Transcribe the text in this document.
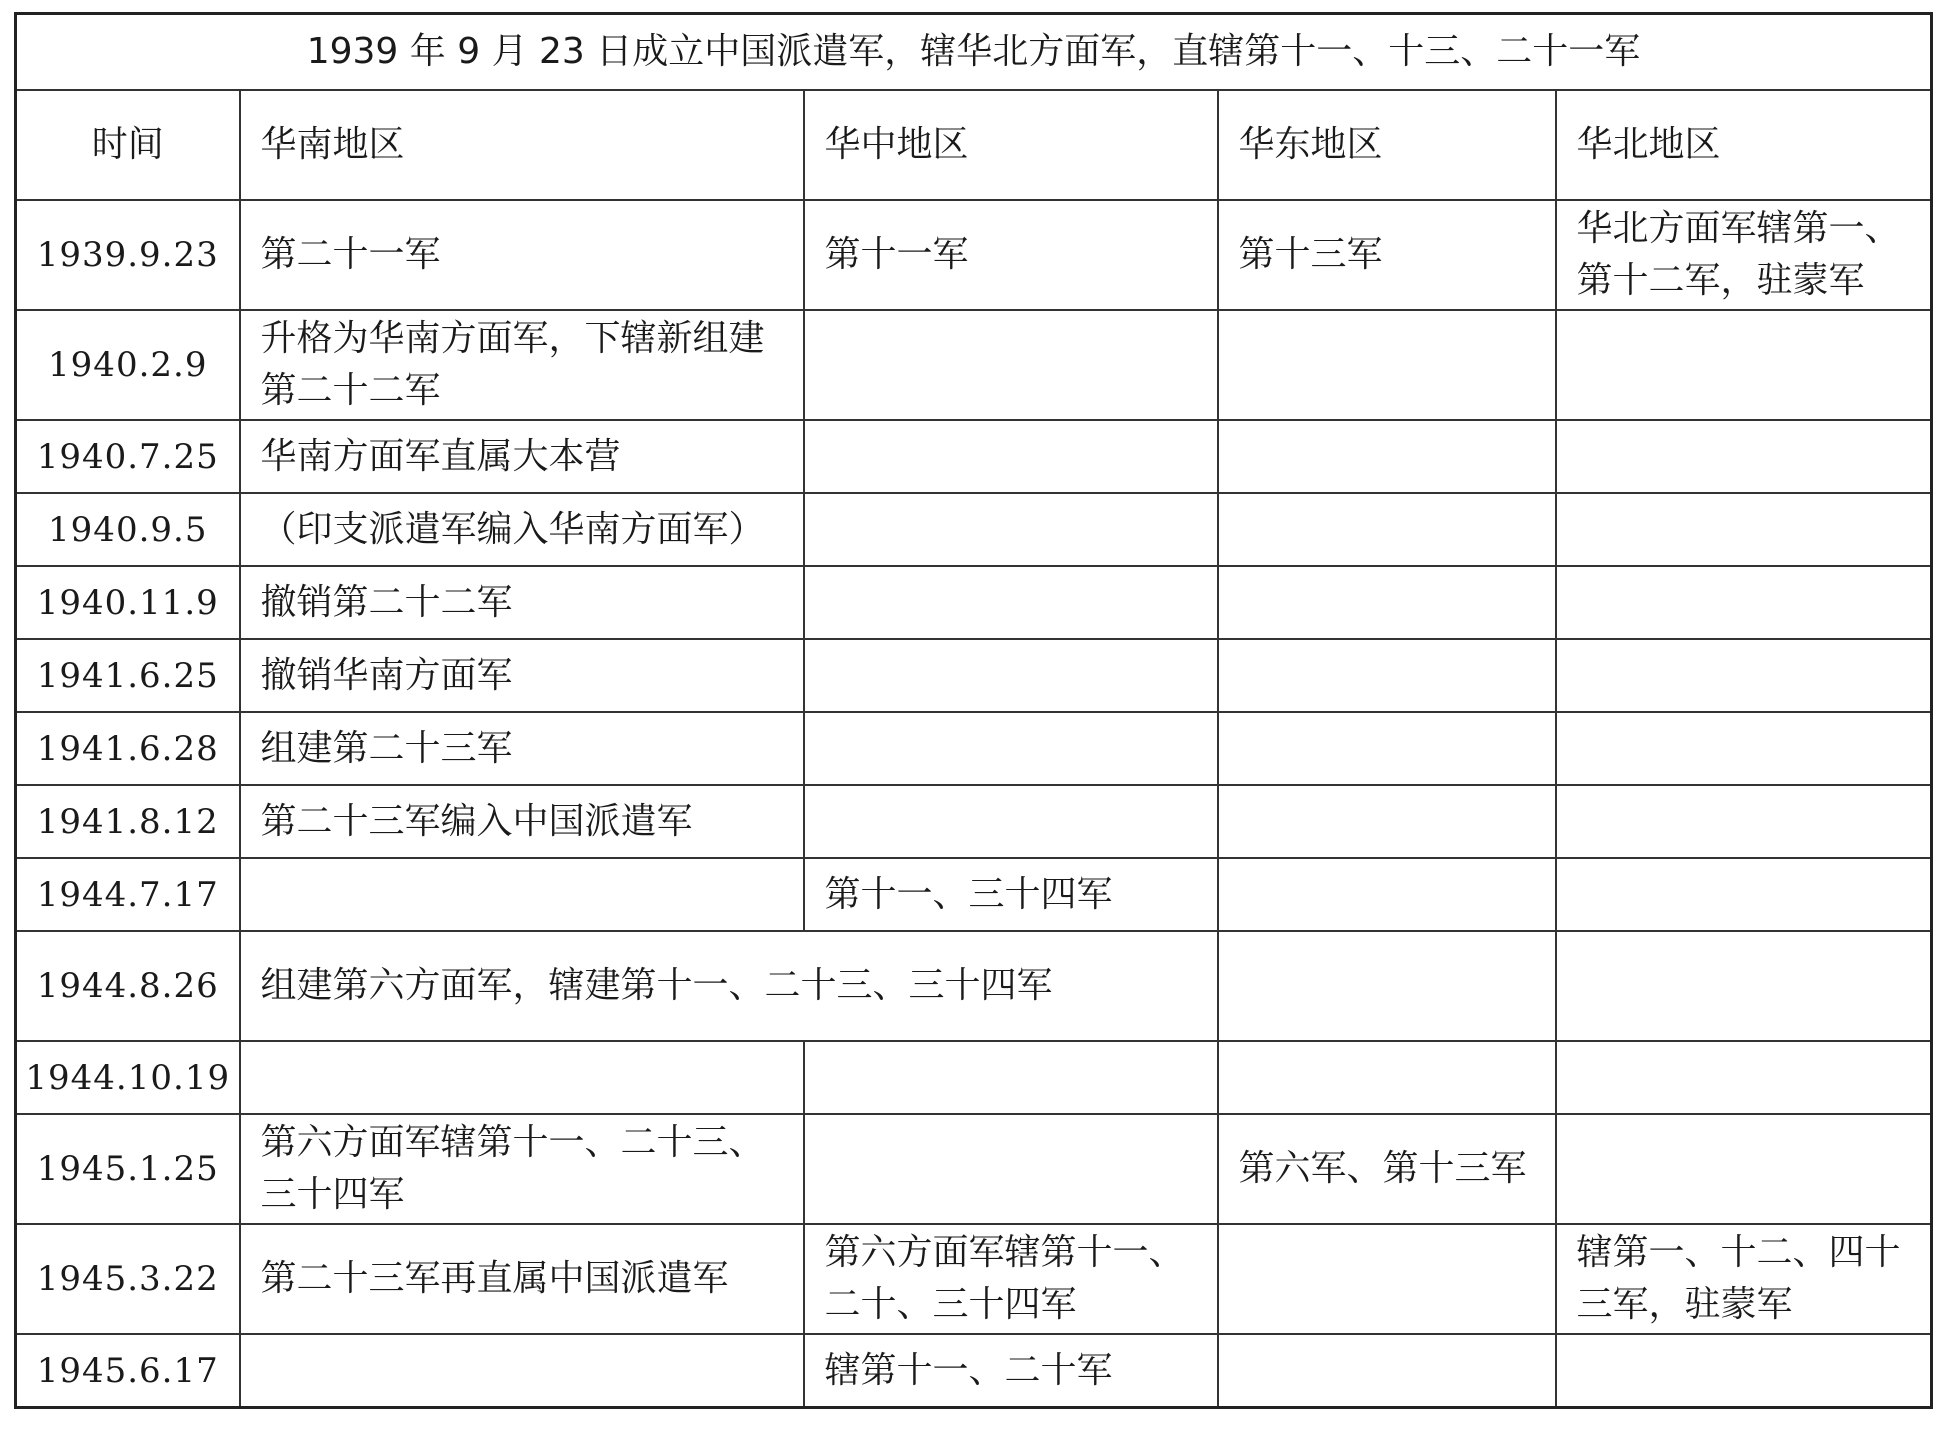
1939 年 9 月 23 日成立中国派遣军，辖华北方面军，直辖第十一、十三、二十一军				
时间	华南地区	华中地区	华东地区	华北地区
1939.9.23	第二十一军	第十一军	第十三军	华北方面军辖第一、第十二军，驻蒙军
1940.2.9	升格为华南方面军，下辖新组建第二十二军			
1940.7.25	华南方面军直属大本营			
1940.9.5	（印支派遣军编入华南方面军）			
1940.11.9	撤销第二十二军			
1941.6.25	撤销华南方面军			
1941.6.28	组建第二十三军			
1941.8.12	第二十三军编入中国派遣军			
1944.7.17		第十一、三十四军		
1944.8.26	组建第六方面军，辖建第十一、二十三、三十四军			
1944.10.19				
1945.1.25	第六方面军辖第十一、二十三、三十四军		第六军、第十三军	
1945.3.22	第二十三军再直属中国派遣军	第六方面军辖第十一、二十、三十四军		辖第一、十二、四十三军，驻蒙军
1945.6.17		辖第十一、二十军		
